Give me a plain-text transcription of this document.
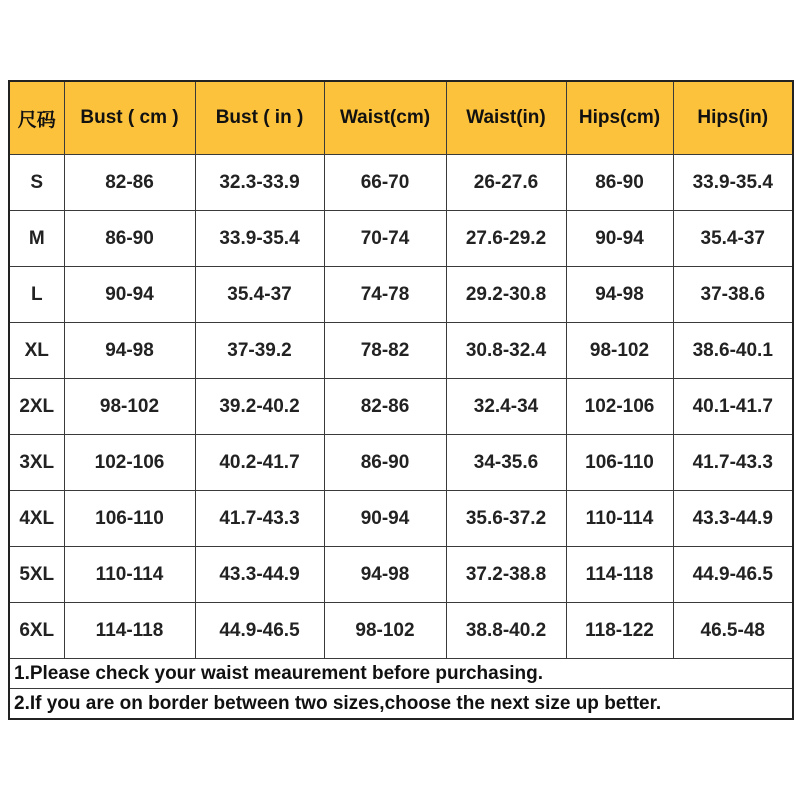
尺码	Bust ( cm )	Bust ( in )	Waist(cm)	Waist(in)	Hips(cm)	Hips(in)
S	82-86	32.3-33.9	66-70	26-27.6	86-90	33.9-35.4
M	86-90	33.9-35.4	70-74	27.6-29.2	90-94	35.4-37
L	90-94	35.4-37	74-78	29.2-30.8	94-98	37-38.6
XL	94-98	37-39.2	78-82	30.8-32.4	98-102	38.6-40.1
2XL	98-102	39.2-40.2	82-86	32.4-34	102-106	40.1-41.7
3XL	102-106	40.2-41.7	86-90	34-35.6	106-110	41.7-43.3
4XL	106-110	41.7-43.3	90-94	35.6-37.2	110-114	43.3-44.9
5XL	110-114	43.3-44.9	94-98	37.2-38.8	114-118	44.9-46.5
6XL	114-118	44.9-46.5	98-102	38.8-40.2	118-122	46.5-48
1.Please check your waist meaurement before purchasing.						
2.If you are on border between two sizes,choose the next size up better.						
